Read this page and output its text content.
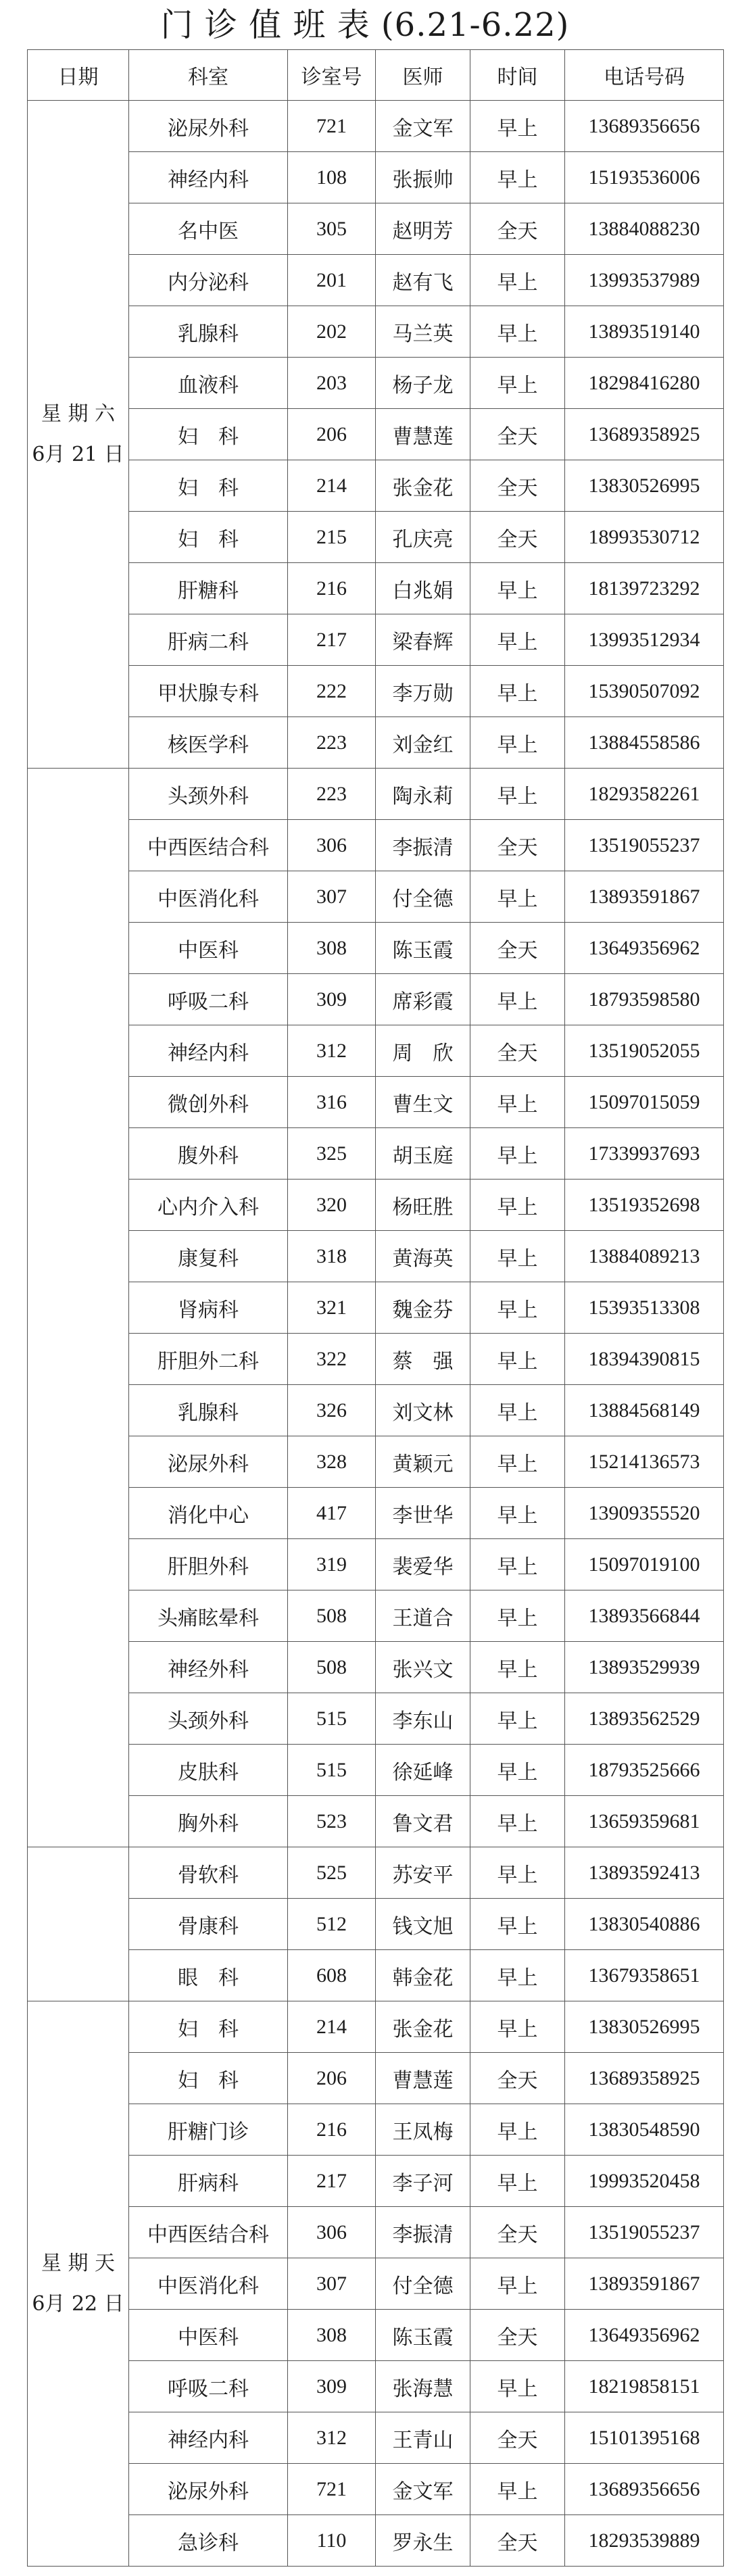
门 诊 值 班 表 (6.21-6.22)
日期	科室	诊室号	医师	时间	电话号码

星 期 六
6月 21 日	泌尿外科	721	金文军	早上	13689356656
	神经内科	108	张振帅	早上	15193536006
	名中医	305	赵明芳	全天	13884088230
	内分泌科	201	赵有飞	早上	13993537989
	乳腺科	202	马兰英	早上	13893519140
	血液科	203	杨子龙	早上	18298416280
	妇　科	206	曹慧莲	全天	13689358925
	妇　科	214	张金花	全天	13830526995
	妇　科	215	孔庆亮	全天	18993530712
	肝糖科	216	白兆娟	早上	18139723292
	肝病二科	217	梁春辉	早上	13993512934
	甲状腺专科	222	李万勋	早上	15390507092
	核医学科	223	刘金红	早上	13884558586
	头颈外科	223	陶永莉	早上	18293582261
	中西医结合科	306	李振清	全天	13519055237
	中医消化科	307	付全德	早上	13893591867
	中医科	308	陈玉霞	全天	13649356962
	呼吸二科	309	席彩霞	早上	18793598580
	神经内科	312	周　欣	全天	13519052055
	微创外科	316	曹生文	早上	15097015059
	腹外科	325	胡玉庭	早上	17339937693
	心内介入科	320	杨旺胜	早上	13519352698
	康复科	318	黄海英	早上	13884089213
	肾病科	321	魏金芬	早上	15393513308
	肝胆外二科	322	蔡　强	早上	18394390815
	乳腺科	326	刘文林	早上	13884568149
	泌尿外科	328	黄颖元	早上	15214136573
	消化中心	417	李世华	早上	13909355520
	肝胆外科	319	裴爱华	早上	15097019100
	头痛眩晕科	508	王道合	早上	13893566844
	神经外科	508	张兴文	早上	13893529939
	头颈外科	515	李东山	早上	13893562529
	皮肤科	515	徐延峰	早上	18793525666
	胸外科	523	鲁文君	早上	13659359681
	骨软科	525	苏安平	早上	13893592413
	骨康科	512	钱文旭	早上	13830540886
	眼　科	608	韩金花	早上	13679358651

星 期 天
6月 22 日	妇　科	214	张金花	早上	13830526995
	妇　科	206	曹慧莲	全天	13689358925
	肝糖门诊	216	王凤梅	早上	13830548590
	肝病科	217	李子河	早上	19993520458
	中西医结合科	306	李振清	全天	13519055237
	中医消化科	307	付全德	早上	13893591867
	中医科	308	陈玉霞	全天	13649356962
	呼吸二科	309	张海慧	早上	18219858151
	神经内科	312	王青山	全天	15101395168
	泌尿外科	721	金文军	早上	13689356656
	急诊科	110	罗永生	全天	18293539889
